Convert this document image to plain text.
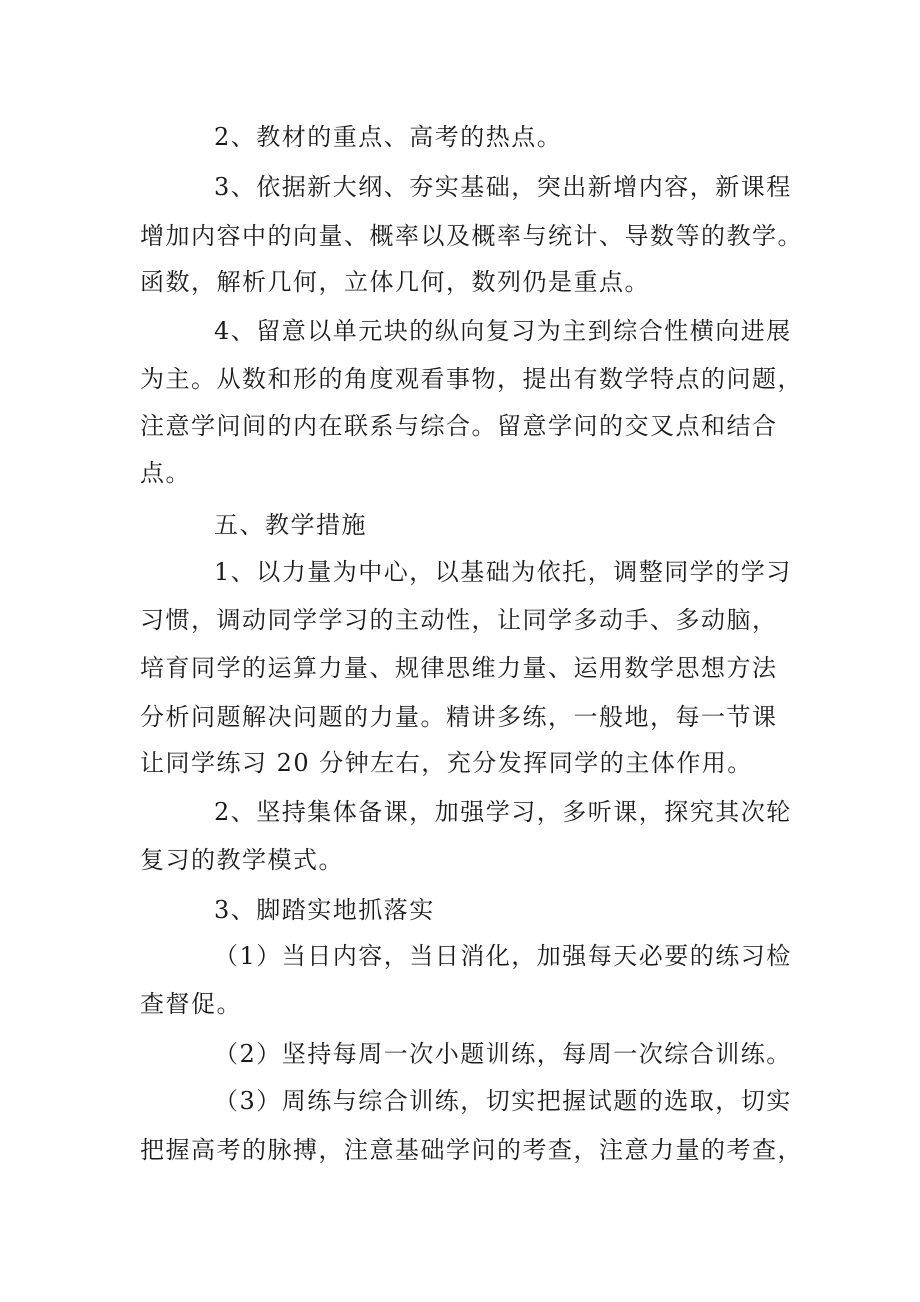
2、教材的重点、高考的热点。
3、依据新大纲、夯实基础，突出新增内容，新课程
增加内容中的向量、概率以及概率与统计、导数等的教学。
函数，解析几何，立体几何，数列仍是重点。
4、留意以单元块的纵向复习为主到综合性横向进展
为主。从数和形的角度观看事物，提出有数学特点的问题，
注意学问间的内在联系与综合。留意学问的交叉点和结合
点。
五、教学措施
1、以力量为中心，以基础为依托，调整同学的学习
习惯，调动同学学习的主动性，让同学多动手、多动脑，
培育同学的运算力量、规律思维力量、运用数学思想方法
分析问题解决问题的力量。精讲多练，一般地，每一节课
让同学练习 20 分钟左右，充分发挥同学的主体作用。
2、坚持集体备课，加强学习，多听课，探究其次轮
复习的教学模式。
3、脚踏实地抓落实
（1）当日内容，当日消化，加强每天必要的练习检
查督促。
（2）坚持每周一次小题训练，每周一次综合训练。
（3）周练与综合训练，切实把握试题的选取，切实
把握高考的脉搏，注意基础学问的考查，注意力量的考查，
